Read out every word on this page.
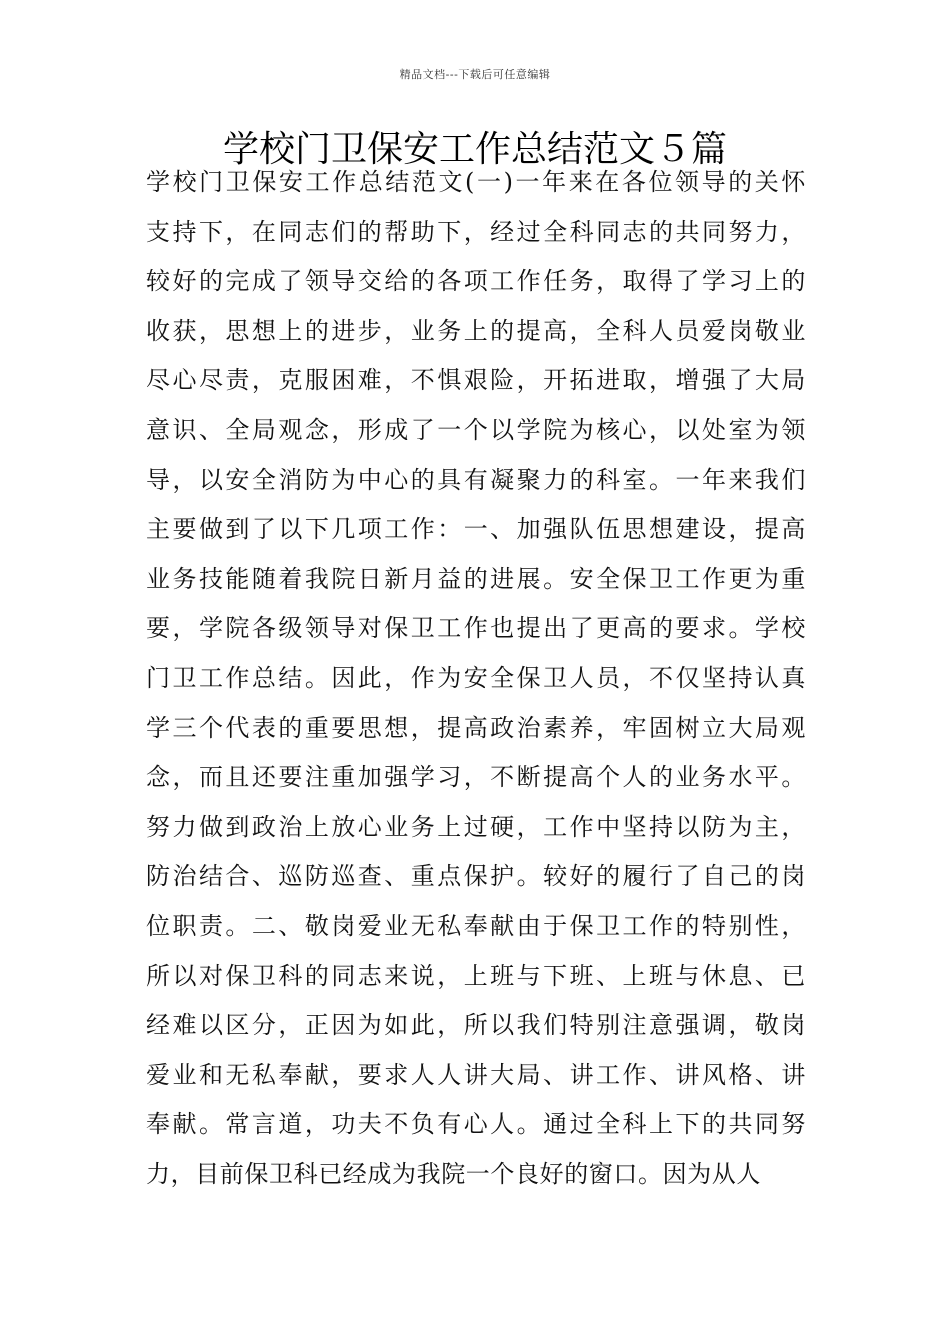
精品文档---下载后可任意编辑
学校门卫保安工作总结范文５篇
学校门卫保安工作总结范文(一)一年来在各位领导的关怀
支持下，在同志们的帮助下，经过全科同志的共同努力，
较好的完成了领导交给的各项工作任务，取得了学习上的
收获，思想上的进步，业务上的提高，全科人员爱岗敬业
尽心尽责，克服困难，不惧艰险，开拓进取，增强了大局
意识、全局观念，形成了一个以学院为核心，以处室为领
导，以安全消防为中心的具有凝聚力的科室。一年来我们
主要做到了以下几项工作：一、加强队伍思想建设，提高
业务技能随着我院日新月益的进展。安全保卫工作更为重
要，学院各级领导对保卫工作也提出了更高的要求。学校
门卫工作总结。因此，作为安全保卫人员，不仅坚持认真
学三个代表的重要思想，提高政治素养，牢固树立大局观
念，而且还要注重加强学习，不断提高个人的业务水平。
努力做到政治上放心业务上过硬，工作中坚持以防为主，
防治结合、巡防巡查、重点保护。较好的履行了自己的岗
位职责。二、敬岗爱业无私奉献由于保卫工作的特别性，
所以对保卫科的同志来说，上班与下班、上班与休息、已
经难以区分，正因为如此，所以我们特别注意强调，敬岗
爱业和无私奉献，要求人人讲大局、讲工作、讲风格、讲
奉献。常言道，功夫不负有心人。通过全科上下的共同努
力，目前保卫科已经成为我院一个良好的窗口。因为从人
